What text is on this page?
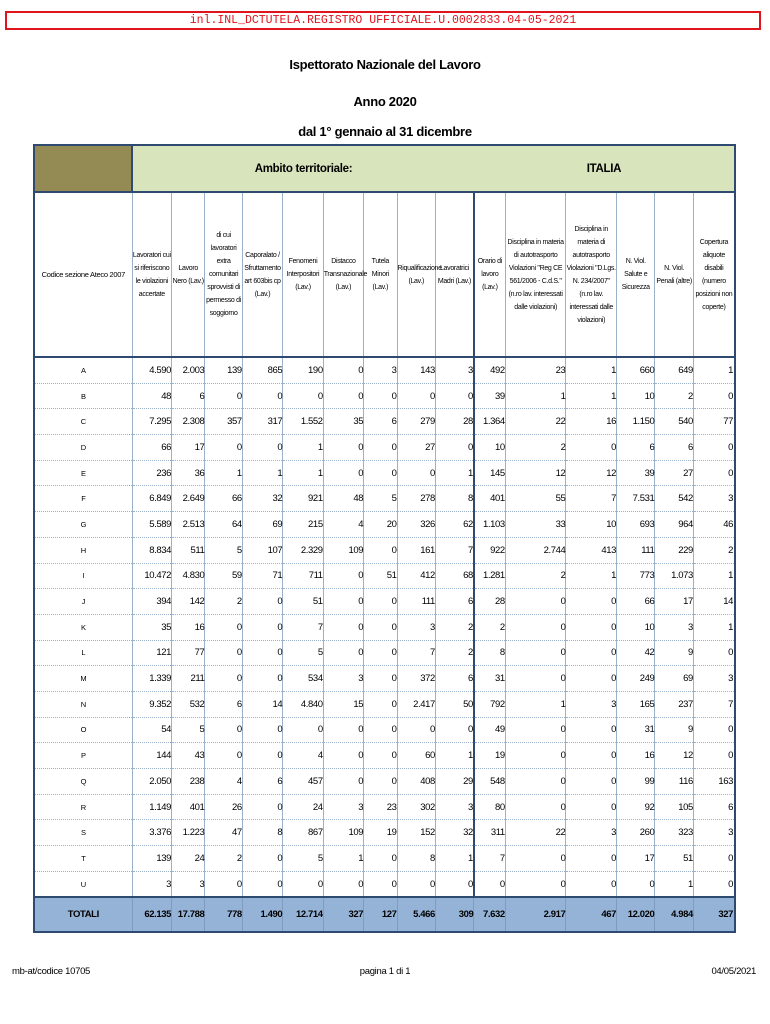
inl.INL_DCTUTELA.REGISTRO UFFICIALE.U.0002833.04-05-2021
Ispettorato Nazionale del Lavoro
Anno 2020
dal 1° gennaio al 31 dicembre
	Ambito territoriale:									ITALIA					
Codice sezione Ateco 2007	Lavoratori cui si riferiscono le violazioni accertate	Lavoro Nero (Lav.)	di cui lavoratori extra comunitari sprovvisti di permesso di soggiorno	Caporalato / Sfruttamento art 603bis cp (Lav.)	Fenomeni Interpositori (Lav.)	Distacco Transnazionale (Lav.)	Tutela Minori (Lav.)	Riqualificazione (Lav.)	Lavoratrici Madri (Lav.)	Orario di lavoro (Lav.)	Disciplina in materia di autotrasporto Violazioni "Reg CE 561/2006 - C.d.S." (n.ro lav. interessati dalle violazioni)	Disciplina in materia di autotrasporto Violazioni "D.Lgs. N. 234/2007" (n.ro lav. interessati dalle violazioni)	N. Viol. Salute e Sicurezza	N. Viol. Penali (altre)	Copertura aliquote disabili (numero posizioni non coperte)
A	4.590	2.003	139	865	190	0	3	143	3	492	23	1	660	649	1
B	48	6	0	0	0	0	0	0	0	39	1	1	10	2	0
C	7.295	2.308	357	317	1.552	35	6	279	28	1.364	22	16	1.150	540	77
D	66	17	0	0	1	0	0	27	0	10	2	0	6	6	0
E	236	36	1	1	1	0	0	0	1	145	12	12	39	27	0
F	6.849	2.649	66	32	921	48	5	278	8	401	55	7	7.531	542	3
G	5.589	2.513	64	69	215	4	20	326	62	1.103	33	10	693	964	46
H	8.834	511	5	107	2.329	109	0	161	7	922	2.744	413	111	229	2
I	10.472	4.830	59	71	711	0	51	412	68	1.281	2	1	773	1.073	1
J	394	142	2	0	51	0	0	111	6	28	0	0	66	17	14
K	35	16	0	0	7	0	0	3	2	2	0	0	10	3	1
L	121	77	0	0	5	0	0	7	2	8	0	0	42	9	0
M	1.339	211	0	0	534	3	0	372	6	31	0	0	249	69	3
N	9.352	532	6	14	4.840	15	0	2.417	50	792	1	3	165	237	7
O	54	5	0	0	0	0	0	0	0	49	0	0	31	9	0
P	144	43	0	0	4	0	0	60	1	19	0	0	16	12	0
Q	2.050	238	4	6	457	0	0	408	29	548	0	0	99	116	163
R	1.149	401	26	0	24	3	23	302	3	80	0	0	92	105	6
S	3.376	1.223	47	8	867	109	19	152	32	311	22	3	260	323	3
T	139	24	2	0	5	1	0	8	1	7	0	0	17	51	0
U	3	3	0	0	0	0	0	0	0	0	0	0	0	1	0
TOTALI	62.135	17.788	778	1.490	12.714	327	127	5.466	309	7.632	2.917	467	12.020	4.984	327
mb-at/codice 10705	pagina 1 di 1	04/05/2021
